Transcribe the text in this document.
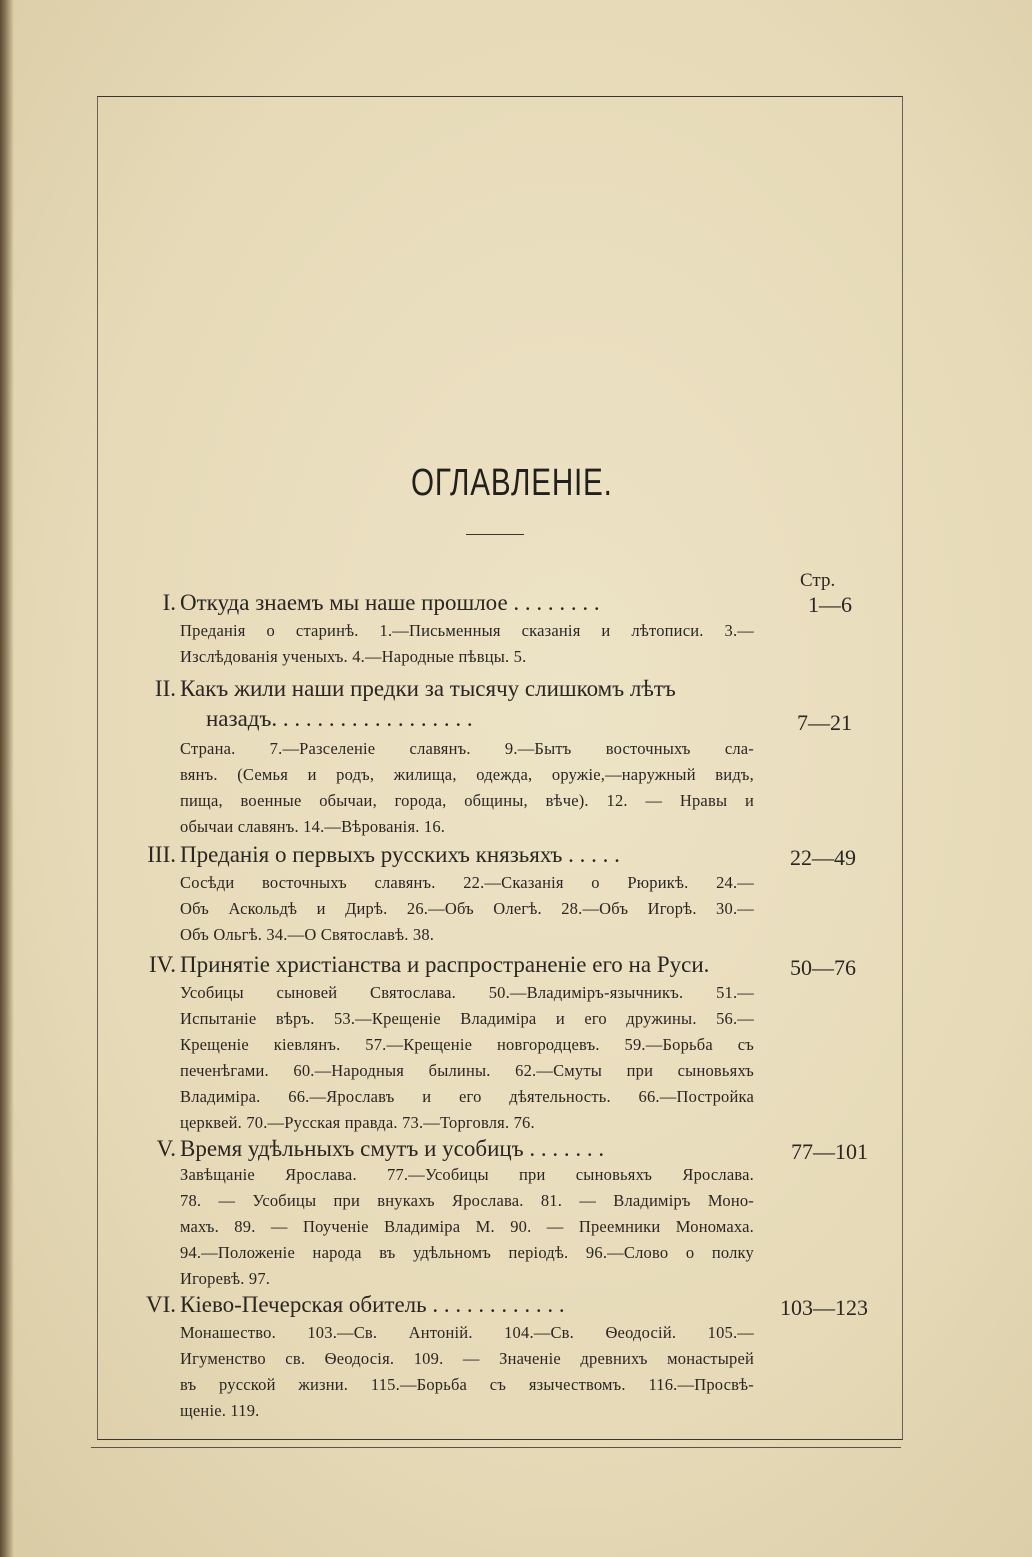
ОГЛАВЛЕНІЕ.
Стр.
I. Откуда знаемъ мы наше прошлое . . . . . . . .	1—6
Преданія о старинѣ. 1.—Письменныя сказанія и лѣтописи. 3.—
Изслѣдованія ученыхъ. 4.—Народные пѣвцы. 5.
II. Какъ жили наши предки за тысячу слишкомъ лѣтъ
назадъ. . . . . . . . . . . . . . . . . .	7—21
Страна. 7.—Разселеніе славянъ. 9.—Бытъ восточныхъ сла-
вянъ. (Семья и родъ, жилища, одежда, оружіе,—наружный видъ,
пища, военные обычаи, города, общины, вѣче). 12. — Нравы и
обычаи славянъ. 14.—Вѣрованія. 16.
III. Преданія о первыхъ русскихъ князьяхъ . . . . .	22—49
Сосѣди восточныхъ славянъ. 22.—Сказанія о Рюрикѣ. 24.—
Объ Аскольдѣ и Дирѣ. 26.—Объ Олегѣ. 28.—Объ Игорѣ. 30.—
Объ Ольгѣ. 34.—О Святославѣ. 38.
IV. Принятіе христіанства и распространеніе его на Руси.	50—76
Усобицы сыновей Святослава. 50.—Владиміръ-язычникъ. 51.—
Испытаніе вѣръ. 53.—Крещеніе Владиміра и его дружины. 56.—
Крещеніе кіевлянъ. 57.—Крещеніе новгородцевъ. 59.—Борьба съ
печенѣгами. 60.—Народныя былины. 62.—Смуты при сыновьяхъ
Владиміра. 66.—Ярославъ и его дѣятельность. 66.—Постройка
церквей. 70.—Русская правда. 73.—Торговля. 76.
V. Время удѣльныхъ смутъ и усобицъ . . . . . . .	77—101
Завѣщаніе Ярослава. 77.—Усобицы при сыновьяхъ Ярослава.
78. — Усобицы при внукахъ Ярослава. 81. — Владиміръ Моно-
махъ. 89. — Поученіе Владиміра М. 90. — Преемники Мономаха.
94.—Положеніе народа въ удѣльномъ періодѣ. 96.—Слово о полку
Игоревѣ. 97.
VI. Кіево-Печерская обитель . . . . . . . . . . . .	103—123
Монашество. 103.—Св. Антоній. 104.—Св. Ѳеодосій. 105.—
Игуменство св. Ѳеодосія. 109. — Значеніе древнихъ монастырей
въ русской жизни. 115.—Борьба съ язычествомъ. 116.—Просвѣ-
щеніе. 119.
